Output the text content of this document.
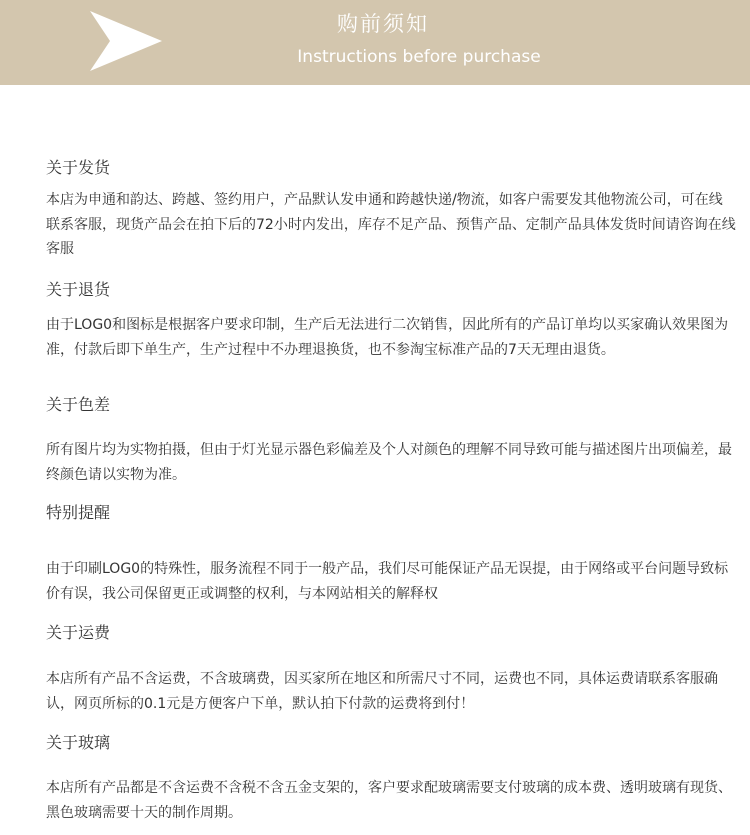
购前须知
Instructions before purchase
关于发货

本店为申通和韵达、跨越、签约用户，产品默认发申通和跨越快递/物流，如客户需要发其他物流公司，可在线联系客服，现货产品会在拍下后的72小时内发出，库存不足产品、预售产品、定制产品具体发货时间请咨询在线客服

关于退货

由于LOG0和图标是根据客户要求印制，生产后无法进行二次销售，因此所有的产品订单均以买家确认效果图为准，付款后即下单生产，生产过程中不办理退换货，也不参淘宝标准产品的7天无理由退货。

关于色差

所有图片均为实物拍摄，但由于灯光显示器色彩偏差及个人对颜色的理解不同导致可能与描述图片出项偏差，最终颜色请以实物为准。

特别提醒

由于印刷LOG0的特殊性，服务流程不同于一般产品，我们尽可能保证产品无误提，由于网络或平台问题导致标价有误，我公司保留更正或调整的权利，与本网站相关的解释权

关于运费

本店所有产品不含运费，不含玻璃费，因买家所在地区和所需尺寸不同，运费也不同，具体运费请联系客服确认，网页所标的0.1元是方便客户下单，默认拍下付款的运费将到付！

关于玻璃

本店所有产品都是不含运费不含税不含五金支架的，客户要求配玻璃需要支付玻璃的成本费、透明玻璃有现货、黑色玻璃需要十天的制作周期。
